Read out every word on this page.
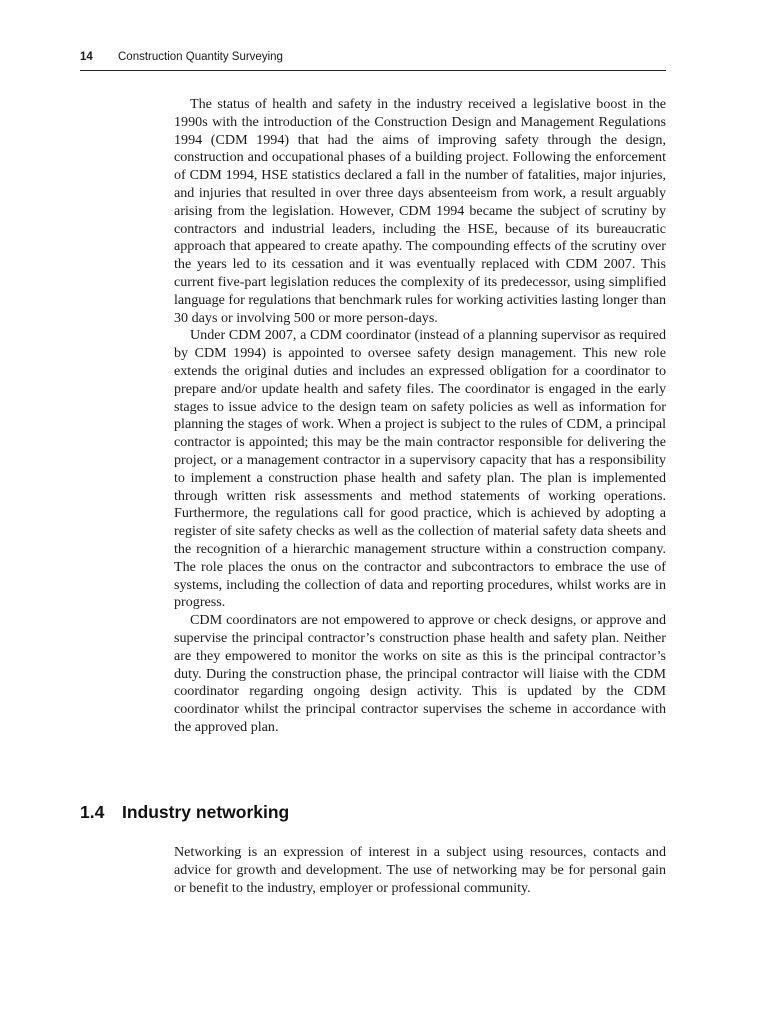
14 Construction Quantity Surveying

The status of health and safety in the industry received a legislative boost in the 1990s with the introduction of the Construction Design and Management Regulations 1994 (CDM 1994) that had the aims of improving safety through the design, construction and occupational phases of a building project. Following the enforcement of CDM 1994, HSE statistics declared a fall in the number of fatalities, major injuries, and injuries that resulted in over three days absenteeism from work, a result arguably arising from the legislation. However, CDM 1994 became the subject of scrutiny by contractors and industrial leaders, including the HSE, because of its bureaucratic approach that appeared to create apathy. The compounding effects of the scrutiny over the years led to its cessation and it was eventually replaced with CDM 2007. This current five-part legislation reduces the complexity of its predecessor, using simplified language for regulations that benchmark rules for working activities lasting longer than 30 days or involving 500 or more person-days.

Under CDM 2007, a CDM coordinator (instead of a planning supervisor as required by CDM 1994) is appointed to oversee safety design management. This new role extends the original duties and includes an expressed obligation for a coordinator to prepare and/or update health and safety files. The coordinator is engaged in the early stages to issue advice to the design team on safety policies as well as information for planning the stages of work. When a project is subject to the rules of CDM, a principal contractor is appointed; this may be the main contractor responsible for delivering the project, or a management contractor in a supervisory capacity that has a responsibility to implement a construction phase health and safety plan. The plan is implemented through written risk assessments and method statements of working operations. Furthermore, the regulations call for good practice, which is achieved by adopting a register of site safety checks as well as the collection of material safety data sheets and the recognition of a hierarchic management structure within a construction company. The role places the onus on the contractor and subcontractors to embrace the use of systems, including the collection of data and reporting procedures, whilst works are in progress.

CDM coordinators are not empowered to approve or check designs, or approve and supervise the principal contractor’s construction phase health and safety plan. Neither are they empowered to monitor the works on site as this is the principal contractor’s duty. During the construction phase, the principal contractor will liaise with the CDM coordinator regarding ongoing design activity. This is updated by the CDM coordinator whilst the principal contractor supervises the scheme in accordance with the approved plan.

1.4 Industry networking

Networking is an expression of interest in a subject using resources, contacts and advice for growth and development. The use of networking may be for personal gain or benefit to the industry, employer or professional community.
